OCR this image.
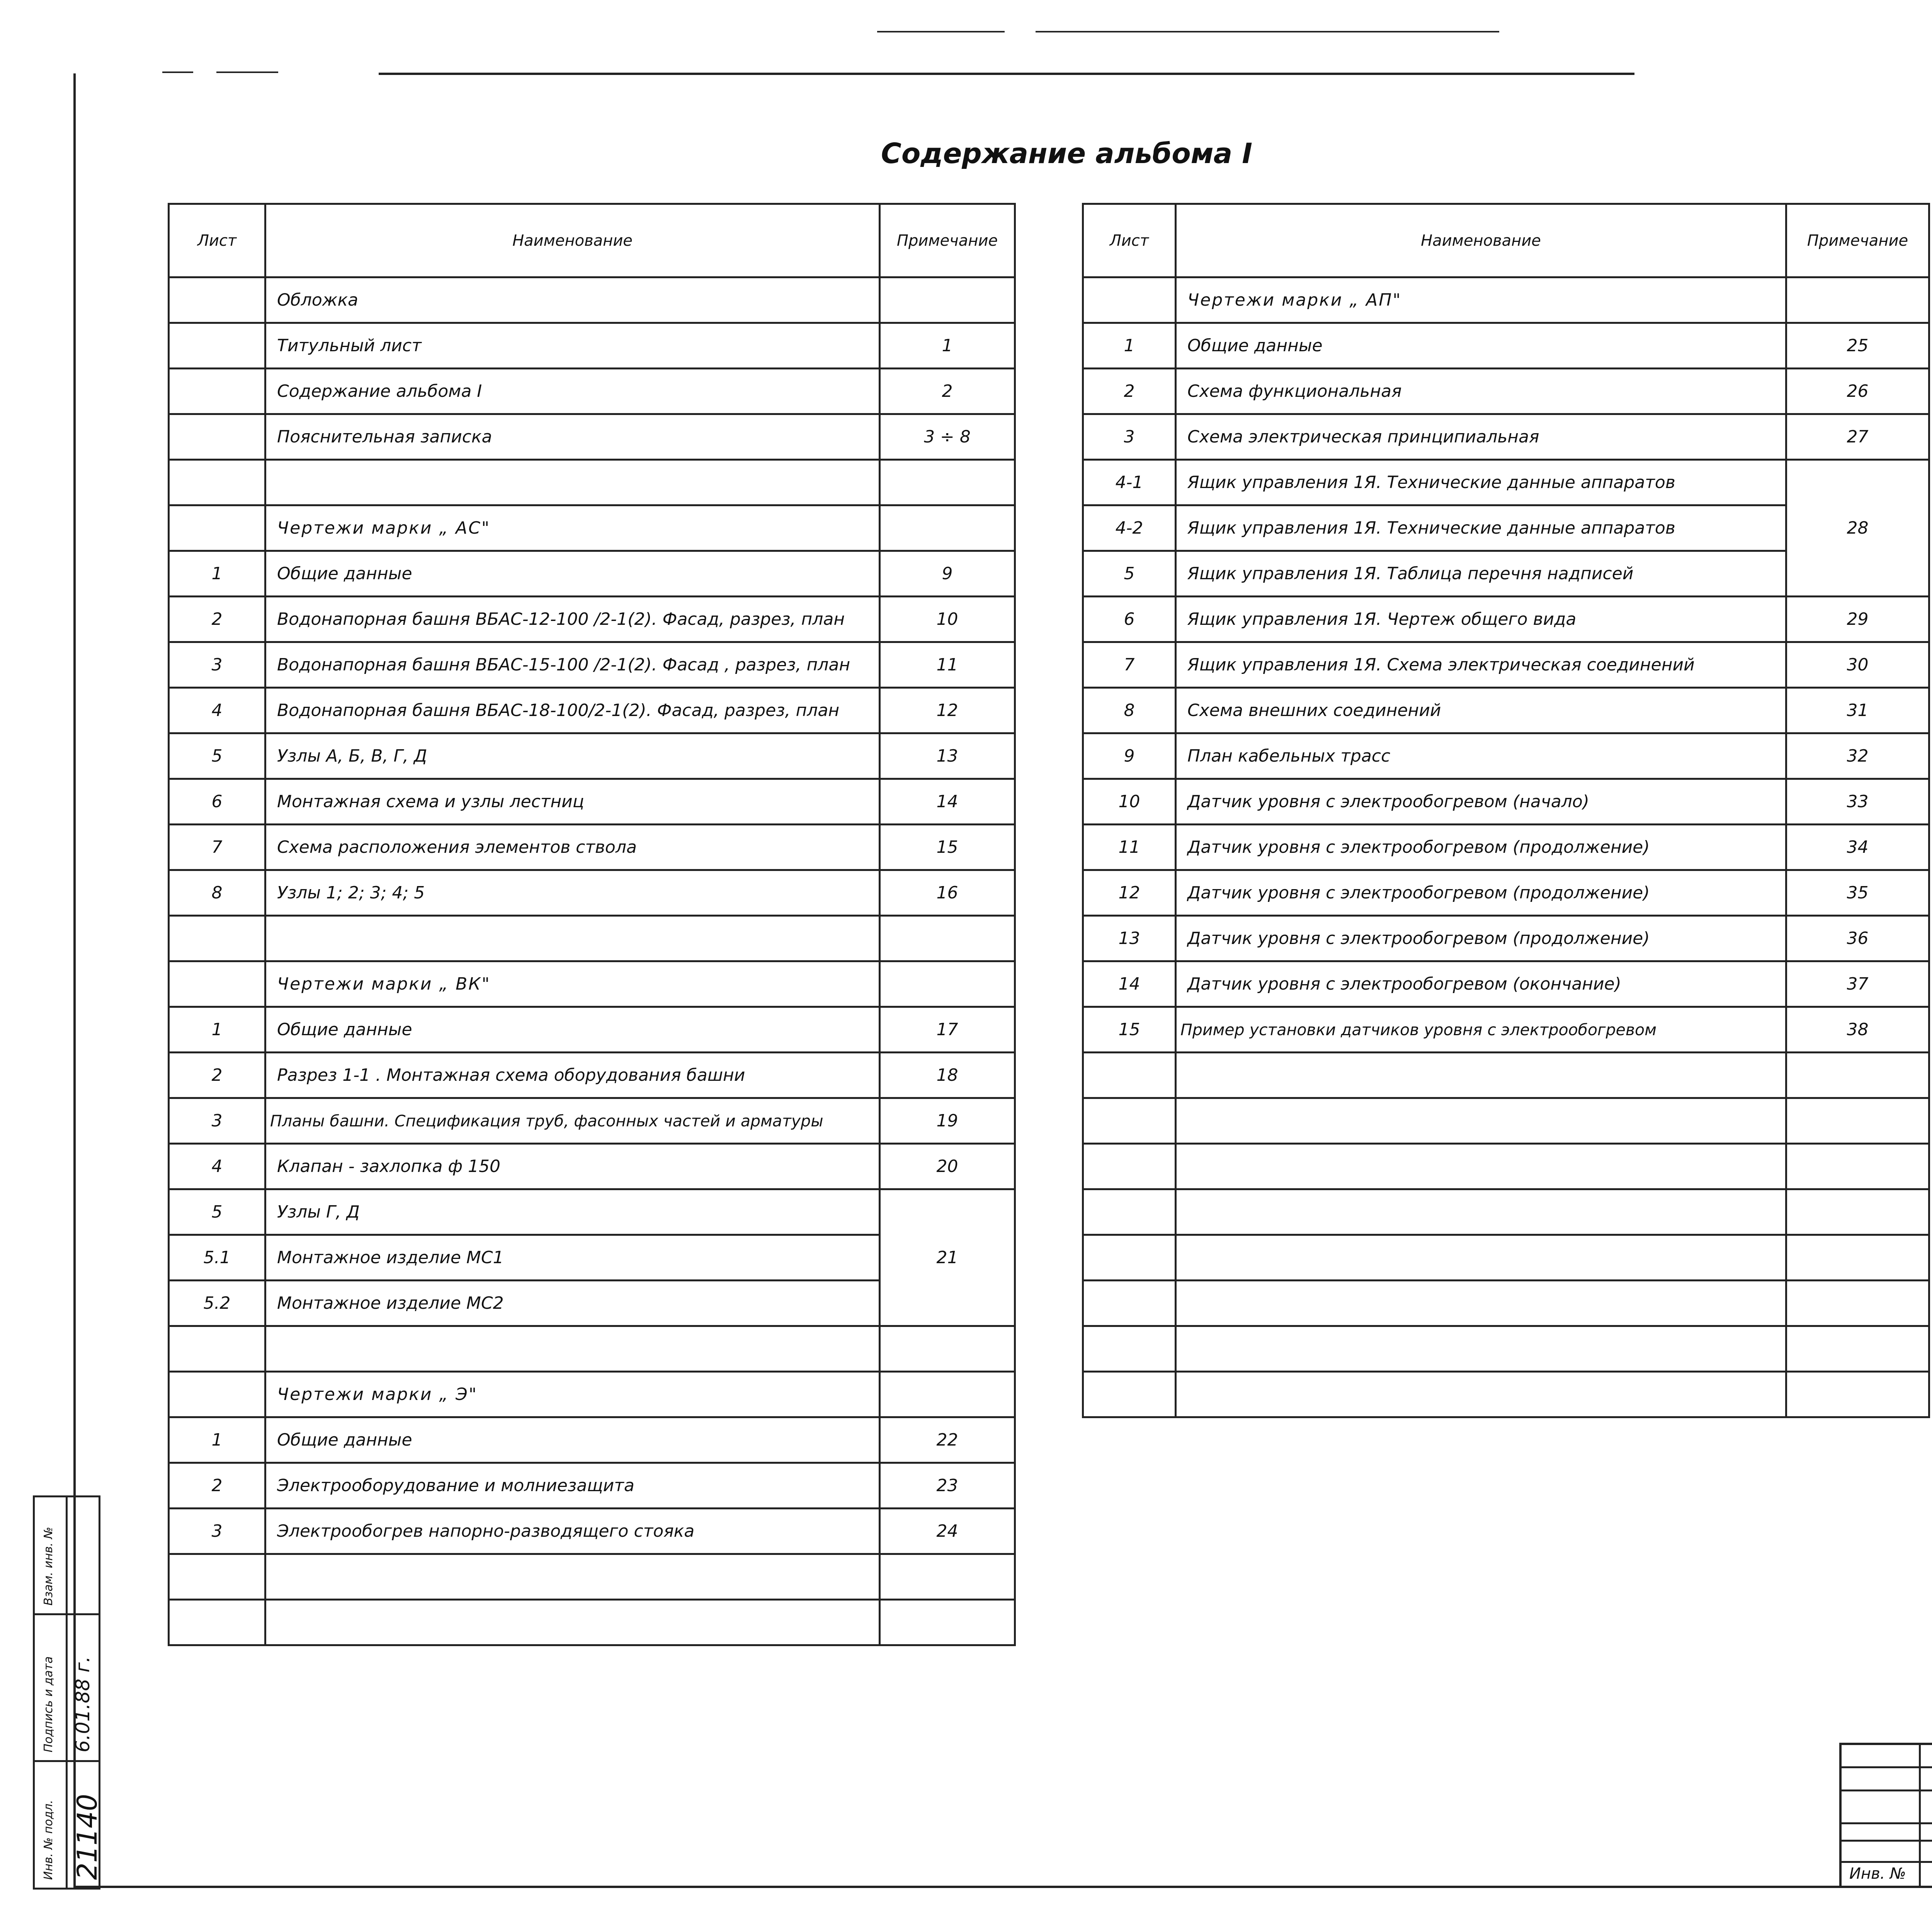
Содержание альбома I
Лист	Наименование	Примечание
	Обложка	
	Титульный лист	1
	Содержание альбома I	2
	Пояснительная записка	3 ÷ 8

	Чертежи марки „ АС"	
1	Общие данные	9
2	Водонапорная башня ВБАС-12-100 /2-1(2). Фасад, разрез, план	10
3	Водонапорная башня ВБАС-15-100 /2-1(2). Фасад , разрез, план	11
4	Водонапорная башня ВБАС-18-100/2-1(2). Фасад, разрез, план	12
5	Узлы А, Б, В, Г, Д	13
6	Монтажная схема и узлы лестниц	14
7	Схема расположения элементов ствола	15
8	Узлы 1; 2; 3; 4; 5	16

	Чертежи марки „ ВК"	
1	Общие данные	17
2	Разрез 1-1 . Монтажная схема оборудования башни	18
3	Планы башни. Спецификация труб, фасонных частей и арматуры	19
4	Клапан - захлопка ф 150	20
5	Узлы Г, Д	21
5.1	Монтажное изделие МС1	
5.2	Монтажное изделие МС2	

	Чертежи марки „ Э"	
1	Общие данные	22
2	Электрооборудование и молниезащита	23
3	Электрообогрев напорно-разводящего стояка	24

Лист	Наименование	Примечание
	Чертежи марки „ АП"	
1	Общие данные	25
2	Схема функциональная	26
3	Схема электрическая принципиальная	27
4-1	Ящик управления 1Я. Технические данные аппаратов	28
4-2	Ящик управления 1Я. Технические данные аппаратов	
5	Ящик управления 1Я. Таблица перечня надписей	
6	Ящик управления 1Я. Чертеж общего вида	29
7	Ящик управления 1Я. Схема электрическая соединений	30
8	Схема внешних соединений	31
9	План кабельных трасс	32
10	Датчик уровня с электрообогревом (начало)	33
11	Датчик уровня с электрообогревом (продолжение)	34
12	Датчик уровня с электрообогревом (продолжение)	35
13	Датчик уровня с электрообогревом (продолжение)	36
14	Датчик уровня с электрообогревом (окончание)	37
15	Пример установки датчиков уровня с электрообогревом	38

Взам. инв. №
Подпись и дата
Инв. № подл.
6.01.88 г.
21140	Инв. №
